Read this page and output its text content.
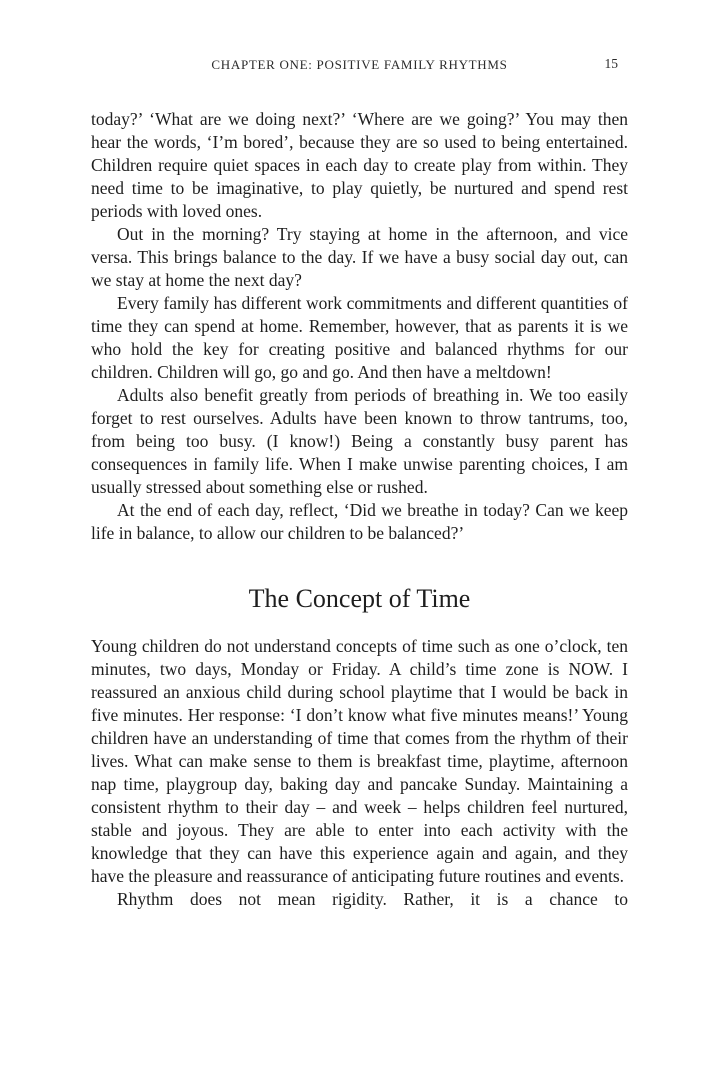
CHAPTER ONE: POSITIVE FAMILY RHYTHMS	15

today?’ ‘What are we doing next?’ ‘Where are we going?’ You may then hear the words, ‘I’m bored’, because they are so used to being entertained. Children require quiet spaces in each day to create play from within. They need time to be imaginative, to play quietly, be nurtured and spend rest periods with loved ones.

Out in the morning? Try staying at home in the afternoon, and vice versa. This brings balance to the day. If we have a busy social day out, can we stay at home the next day?

Every family has different work commitments and different quantities of time they can spend at home. Remember, however, that as parents it is we who hold the key for creating positive and balanced rhythms for our children. Children will go, go and go. And then have a meltdown!

Adults also benefit greatly from periods of breathing in. We too easily forget to rest ourselves. Adults have been known to throw tantrums, too, from being too busy. (I know!) Being a constantly busy parent has consequences in family life. When I make unwise parenting choices, I am usually stressed about something else or rushed.

At the end of each day, reflect, ‘Did we breathe in today? Can we keep life in balance, to allow our children to be balanced?’

The Concept of Time

Young children do not understand concepts of time such as one o’clock, ten minutes, two days, Monday or Friday. A child’s time zone is NOW. I reassured an anxious child during school playtime that I would be back in five minutes. Her response: ‘I don’t know what five minutes means!’ Young children have an understanding of time that comes from the rhythm of their lives. What can make sense to them is breakfast time, playtime, afternoon nap time, playgroup day, baking day and pancake Sunday. Maintaining a consistent rhythm to their day – and week – helps children feel nurtured, stable and joyous. They are able to enter into each activity with the knowledge that they can have this experience again and again, and they have the pleasure and reassurance of anticipating future routines and events.

Rhythm does not mean rigidity. Rather, it is a chance to
